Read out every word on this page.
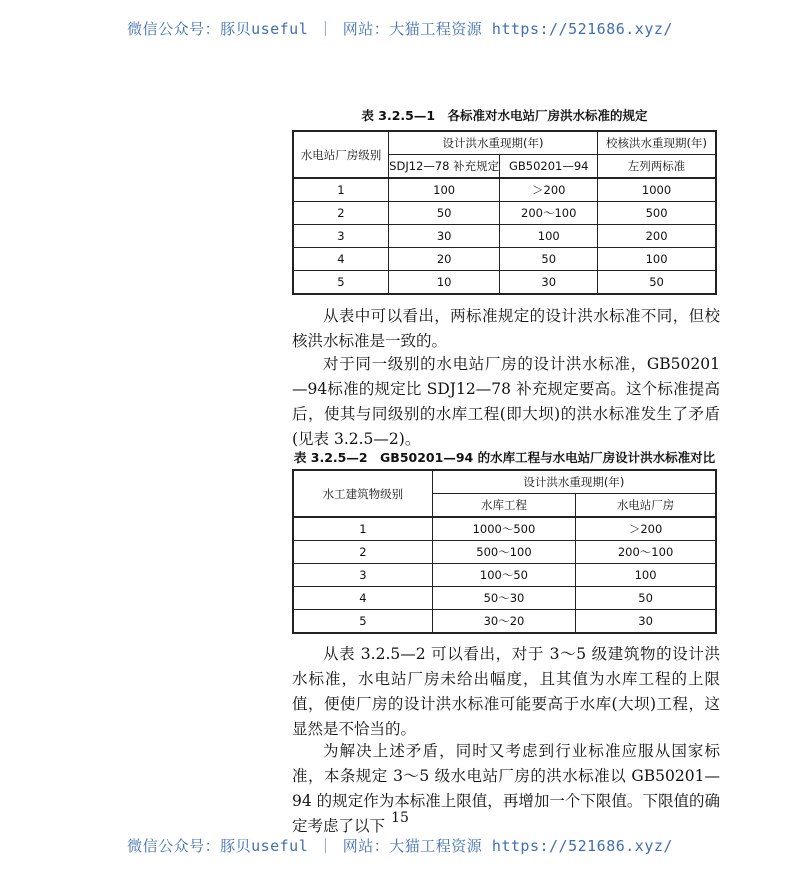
微信公众号：豚贝useful ｜ 网站：大猫工程资源 https://521686.xyz/
表 3.2.5—1　各标准对水电站厂房洪水标准的规定
水电站厂房级别	设计洪水重现期(年)		校核洪水重现期(年)
	SDJ12—78 补充规定	GB50201—94	左列两标准
1	100	＞200	1000
2	50	200～100	500
3	30	100	200
4	20	50	100
5	10	30	50

从表中可以看出，两标准规定的设计洪水标准不同，但校核洪水标准是一致的。

对于同一级别的水电站厂房的设计洪水标准，GB50201—94标准的规定比 SDJ12—78 补充规定要高。这个标准提高后，使其与同级别的水库工程(即大坝)的洪水标准发生了矛盾(见表 3.2.5—2)。

表 3.2.5—2　GB50201—94 的水库工程与水电站厂房设计洪水标准对比
水工建筑物级别	设计洪水重现期(年)	
	水库工程	水电站厂房
1	1000～500	＞200
2	500～100	200～100
3	100～50	100
4	50～30	50
5	30～20	30

从表 3.2.5—2 可以看出，对于 3～5 级建筑物的设计洪水标准，水电站厂房未给出幅度，且其值为水库工程的上限值，便使厂房的设计洪水标准可能要高于水库(大坝)工程，这显然是不恰当的。

为解决上述矛盾，同时又考虑到行业标准应服从国家标准，本条规定 3～5 级水电站厂房的洪水标准以 GB50201—94 的规定作为本标准上限值，再增加一个下限值。下限值的确定考虑了以下 15
微信公众号：豚贝useful ｜ 网站：大猫工程资源 https://521686.xyz/
